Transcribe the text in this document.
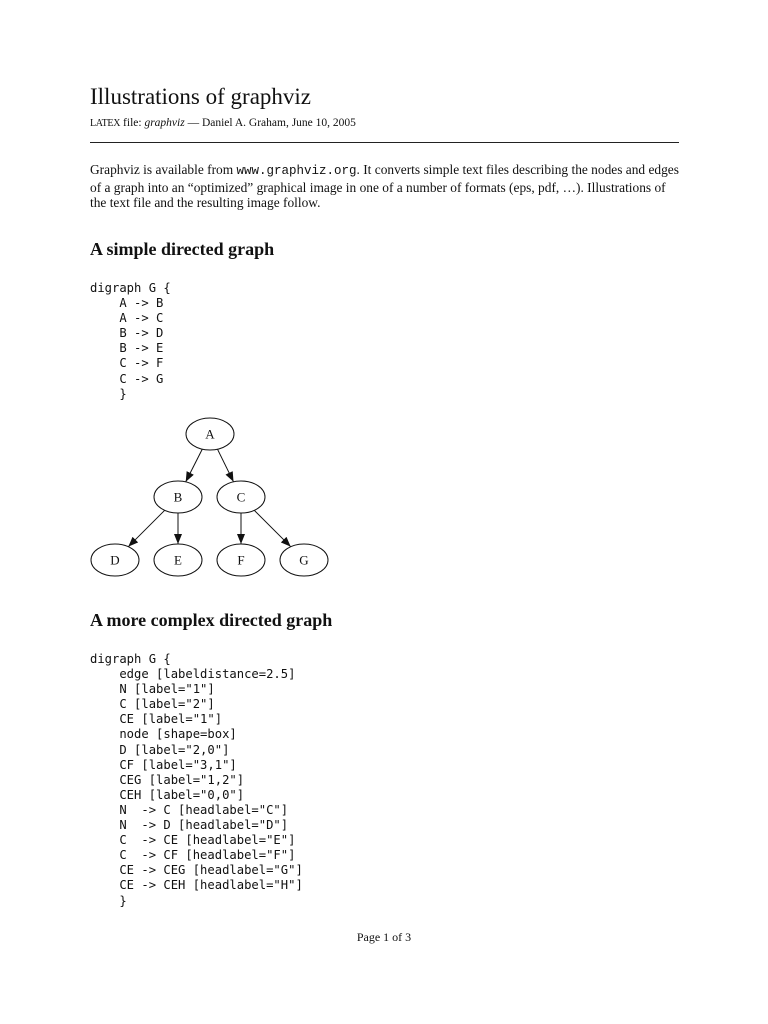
Illustrations of graphviz
LATEX file: graphviz — Daniel A. Graham, June 10, 2005

Graphviz is available from www.graphviz.org. It converts simple text files describing the nodes and edges of a graph into an “optimized” graphical image in one of a number of formats (eps, pdf, …). Illustrations of the text file and the resulting image follow.

A simple directed graph
digraph G {
A -> B
A -> C
B -> D
B -> E
C -> F
C -> G
}
A
B	C
D	E	F	G
A more complex directed graph
digraph G {
edge [labeldistance=2.5]
N [label="1"]
C [label="2"]
CE [label="1"]
node [shape=box]
D [label="2,0"]
CF [label="3,1"]
CEG [label="1,2"]
CEH [label="0,0"]
N  -> C [headlabel="C"]
N  -> D [headlabel="D"]
C  -> CE [headlabel="E"]
C  -> CF [headlabel="F"]
CE -> CEG [headlabel="G"]
CE -> CEH [headlabel="H"]
}
Page 1 of 3
